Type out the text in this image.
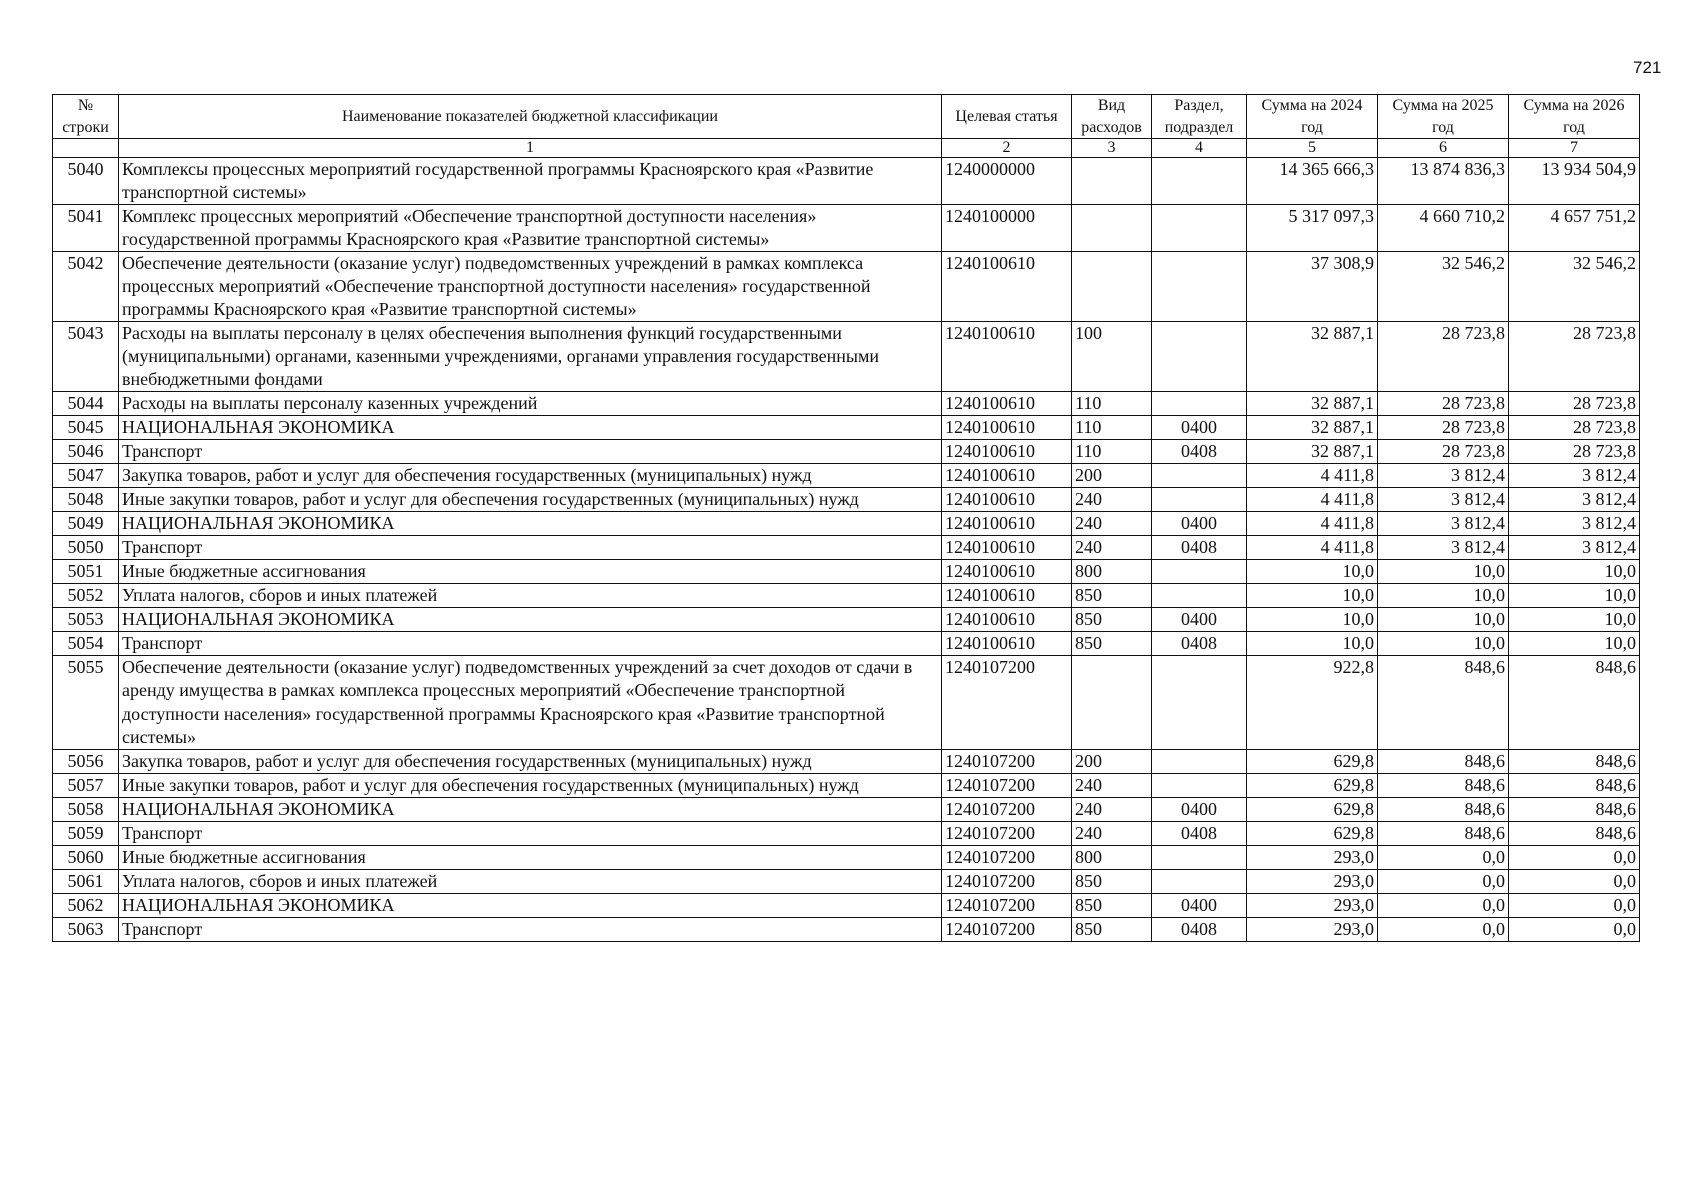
721
№ строки	Наименование показателей бюджетной классификации	Целевая статья	Вид расходов	Раздел, подраздел	Сумма на 2024 год	Сумма на 2025 год	Сумма на 2026 год
	1	2	3	4	5	6	7
5040	Комплексы процессных мероприятий государственной программы Красноярского края «Развитие транспортной системы»	1240000000			14 365 666,3	13 874 836,3	13 934 504,9
5041	Комплекс процессных мероприятий «Обеспечение транспортной доступности населения» государственной программы Красноярского края «Развитие транспортной системы»	1240100000			5 317 097,3	4 660 710,2	4 657 751,2
5042	Обеспечение деятельности (оказание услуг) подведомственных учреждений в рамках комплекса процессных мероприятий «Обеспечение транспортной доступности населения» государственной программы Красноярского края «Развитие транспортной системы»	1240100610			37 308,9	32 546,2	32 546,2
5043	Расходы на выплаты персоналу в целях обеспечения выполнения функций государственными (муниципальными) органами, казенными учреждениями, органами управления государственными внебюджетными фондами	1240100610	100		32 887,1	28 723,8	28 723,8
5044	Расходы на выплаты персоналу казенных учреждений	1240100610	110		32 887,1	28 723,8	28 723,8
5045	НАЦИОНАЛЬНАЯ ЭКОНОМИКА	1240100610	110	0400	32 887,1	28 723,8	28 723,8
5046	Транспорт	1240100610	110	0408	32 887,1	28 723,8	28 723,8
5047	Закупка товаров, работ и услуг для обеспечения государственных (муниципальных) нужд	1240100610	200		4 411,8	3 812,4	3 812,4
5048	Иные закупки товаров, работ и услуг для обеспечения государственных (муниципальных) нужд	1240100610	240		4 411,8	3 812,4	3 812,4
5049	НАЦИОНАЛЬНАЯ ЭКОНОМИКА	1240100610	240	0400	4 411,8	3 812,4	3 812,4
5050	Транспорт	1240100610	240	0408	4 411,8	3 812,4	3 812,4
5051	Иные бюджетные ассигнования	1240100610	800		10,0	10,0	10,0
5052	Уплата налогов, сборов и иных платежей	1240100610	850		10,0	10,0	10,0
5053	НАЦИОНАЛЬНАЯ ЭКОНОМИКА	1240100610	850	0400	10,0	10,0	10,0
5054	Транспорт	1240100610	850	0408	10,0	10,0	10,0
5055	Обеспечение деятельности (оказание услуг) подведомственных учреждений за счет доходов от сдачи в аренду имущества в рамках комплекса процессных мероприятий «Обеспечение транспортной доступности населения» государственной программы Красноярского края «Развитие транспортной системы»	1240107200			922,8	848,6	848,6
5056	Закупка товаров, работ и услуг для обеспечения государственных (муниципальных) нужд	1240107200	200		629,8	848,6	848,6
5057	Иные закупки товаров, работ и услуг для обеспечения государственных (муниципальных) нужд	1240107200	240		629,8	848,6	848,6
5058	НАЦИОНАЛЬНАЯ ЭКОНОМИКА	1240107200	240	0400	629,8	848,6	848,6
5059	Транспорт	1240107200	240	0408	629,8	848,6	848,6
5060	Иные бюджетные ассигнования	1240107200	800		293,0	0,0	0,0
5061	Уплата налогов, сборов и иных платежей	1240107200	850		293,0	0,0	0,0
5062	НАЦИОНАЛЬНАЯ ЭКОНОМИКА	1240107200	850	0400	293,0	0,0	0,0
5063	Транспорт	1240107200	850	0408	293,0	0,0	0,0
